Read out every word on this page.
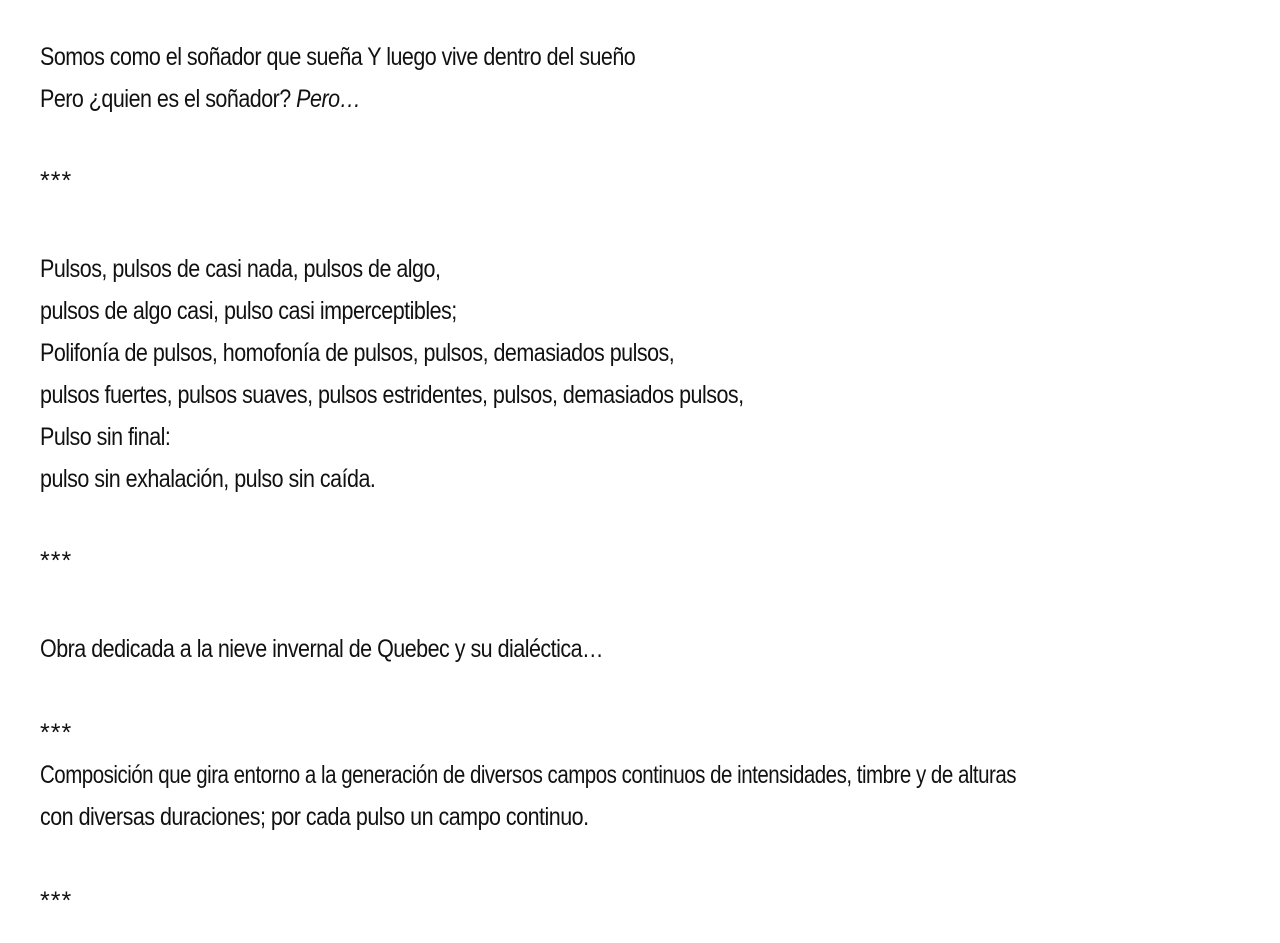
Somos como el soñador que sueña Y luego vive dentro del sueño
Pero ¿quien es el soñador? Pero…
***
Pulsos, pulsos de casi nada, pulsos de algo,
pulsos de algo casi, pulso casi imperceptibles;
Polifonía de pulsos, homofonía de pulsos, pulsos, demasiados pulsos,
pulsos fuertes, pulsos suaves, pulsos estridentes, pulsos, demasiados pulsos,
Pulso sin final:
pulso sin exhalación, pulso sin caída.
***
Obra dedicada a la nieve invernal de Quebec y su dialéctica…
***
Composición que gira entorno a la generación de diversos campos continuos de intensidades, timbre y de alturas
con diversas duraciones; por cada pulso un campo continuo.
***
